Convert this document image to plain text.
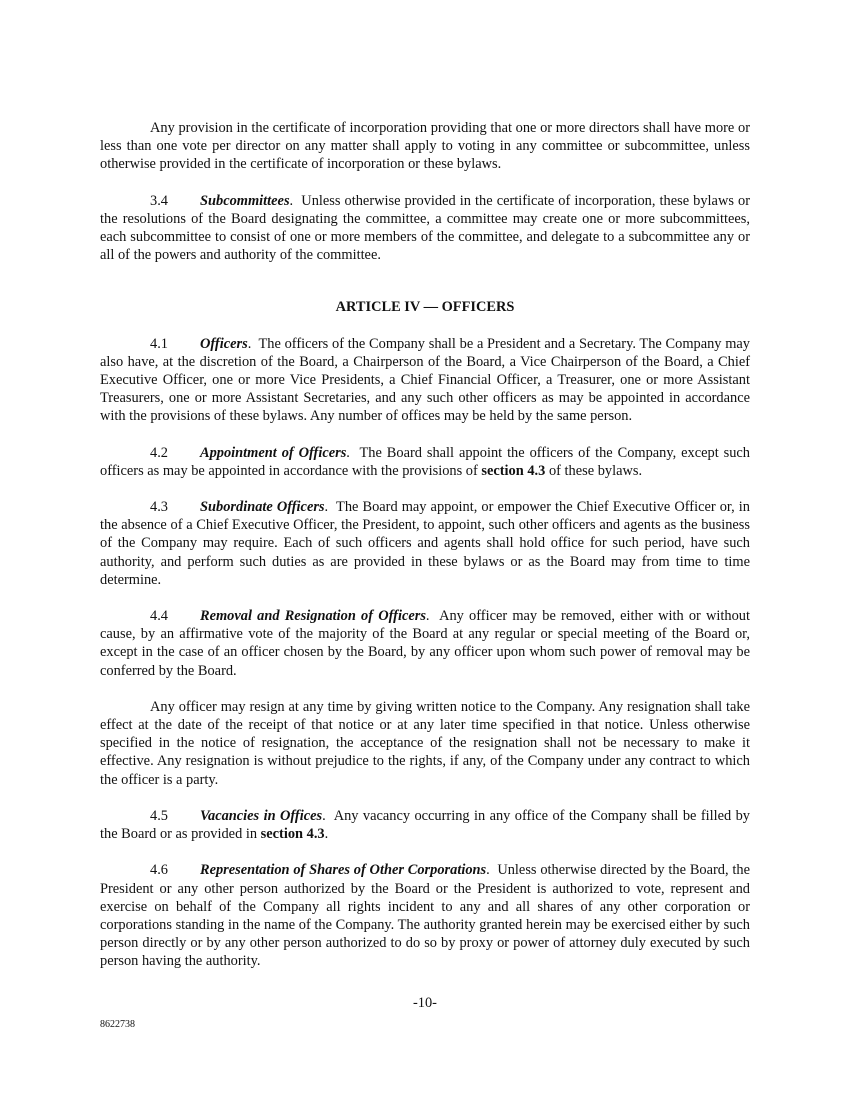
Any provision in the certificate of incorporation providing that one or more directors shall have more or less than one vote per director on any matter shall apply to voting in any committee or subcommittee, unless otherwise provided in the certificate of incorporation or these bylaws.

3.4 Subcommittees.  Unless otherwise provided in the certificate of incorporation, these bylaws or the resolutions of the Board designating the committee, a committee may create one or more subcommittees, each subcommittee to consist of one or more members of the committee, and delegate to a subcommittee any or all of the powers and authority of the committee.

ARTICLE IV — OFFICERS

4.1 Officers.  The officers of the Company shall be a President and a Secretary. The Company may also have, at the discretion of the Board, a Chairperson of the Board, a Vice Chairperson of the Board, a Chief Executive Officer, one or more Vice Presidents, a Chief Financial Officer, a Treasurer, one or more Assistant Treasurers, one or more Assistant Secretaries, and any such other officers as may be appointed in accordance with the provisions of these bylaws. Any number of offices may be held by the same person.

4.2 Appointment of Officers.  The Board shall appoint the officers of the Company, except such officers as may be appointed in accordance with the provisions of section 4.3 of these bylaws.

4.3 Subordinate Officers.  The Board may appoint, or empower the Chief Executive Officer or, in the absence of a Chief Executive Officer, the President, to appoint, such other officers and agents as the business of the Company may require. Each of such officers and agents shall hold office for such period, have such authority, and perform such duties as are provided in these bylaws or as the Board may from time to time determine.

4.4 Removal and Resignation of Officers.  Any officer may be removed, either with or without cause, by an affirmative vote of the majority of the Board at any regular or special meeting of the Board or, except in the case of an officer chosen by the Board, by any officer upon whom such power of removal may be conferred by the Board.

Any officer may resign at any time by giving written notice to the Company. Any resignation shall take effect at the date of the receipt of that notice or at any later time specified in that notice. Unless otherwise specified in the notice of resignation, the acceptance of the resignation shall not be necessary to make it effective. Any resignation is without prejudice to the rights, if any, of the Company under any contract to which the officer is a party.

4.5 Vacancies in Offices.  Any vacancy occurring in any office of the Company shall be filled by the Board or as provided in section 4.3.

4.6 Representation of Shares of Other Corporations.  Unless otherwise directed by the Board, the President or any other person authorized by the Board or the President is authorized to vote, represent and exercise on behalf of the Company all rights incident to any and all shares of any other corporation or corporations standing in the name of the Company. The authority granted herein may be exercised either by such person directly or by any other person authorized to do so by proxy or power of attorney duly executed by such person having the authority.

-10-
8622738
